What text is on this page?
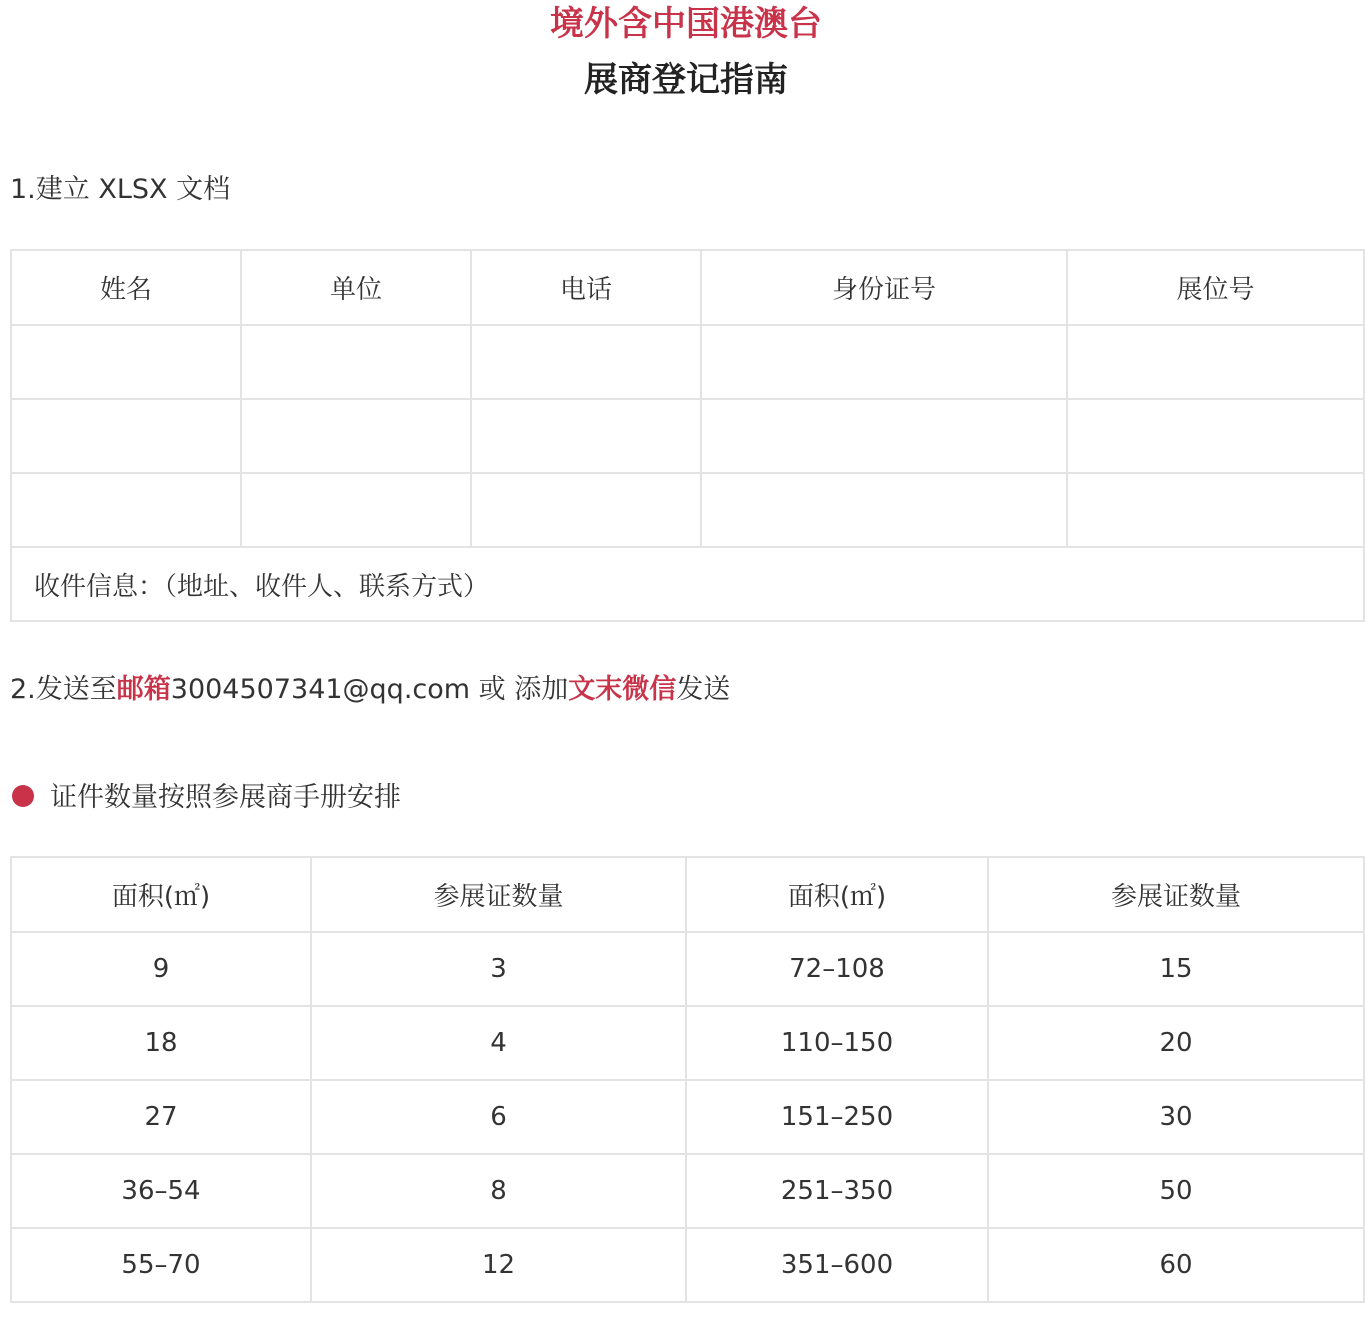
境外含中国港澳台
展商登记指南
1.建立 XLSX 文档
姓名	单位	电话	身份证号	展位号

收件信息：（地址、收件人、联系方式）				
2.发送至邮箱3004507341@qq.com 或 添加文末微信发送
证件数量按照参展商手册安排
面积(㎡)	参展证数量	面积(㎡)	参展证数量
9	3	72–108	15
18	4	110–150	20
27	6	151–250	30
36–54	8	251–350	50
55–70	12	351–600	60
